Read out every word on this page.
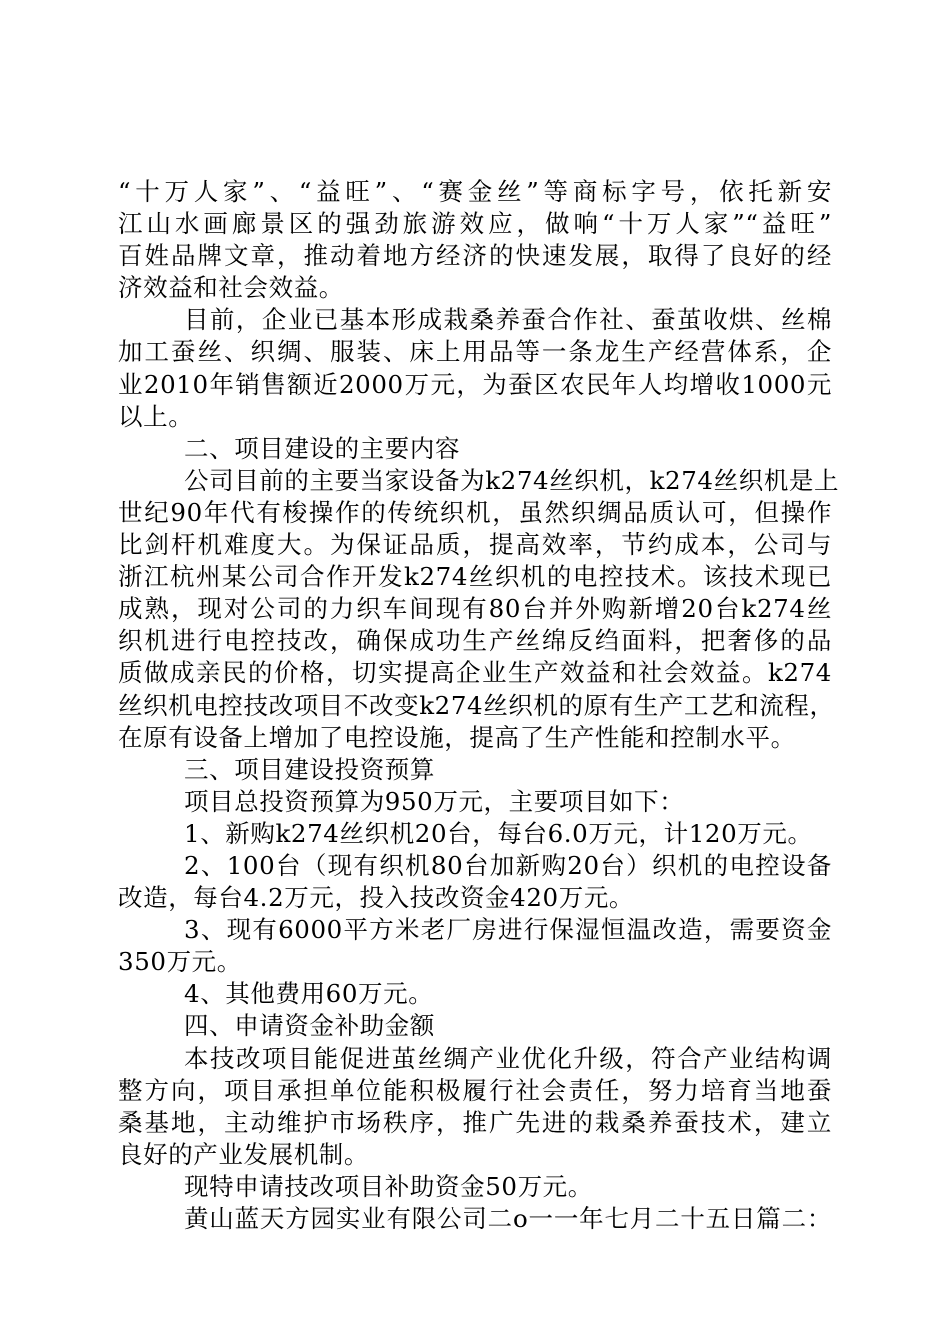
“十万人家”、“益旺”、“赛金丝”等商标字号，依托新安
江山水画廊景区的强劲旅游效应，做响“十万人家”“益旺”
百姓品牌文章，推动着地方经济的快速发展，取得了良好的经
济效益和社会效益。
目前，企业已基本形成栽桑养蚕合作社、蚕茧收烘、丝棉
加工蚕丝、织绸、服装、床上用品等一条龙生产经营体系，企
业2010年销售额近2000万元，为蚕区农民年人均增收1000元
以上。
二、项目建设的主要内容
公司目前的主要当家设备为k274丝织机，k274丝织机是上
世纪90年代有梭操作的传统织机，虽然织绸品质认可，但操作
比剑杆机难度大。为保证品质，提高效率，节约成本，公司与
浙江杭州某公司合作开发k274丝织机的电控技术。该技术现已
成熟，现对公司的力织车间现有80台并外购新增20台k274丝
织机进行电控技改，确保成功生产丝绵反绉面料，把奢侈的品
质做成亲民的价格，切实提高企业生产效益和社会效益。k274
丝织机电控技改项目不改变k274丝织机的原有生产工艺和流程，
在原有设备上增加了电控设施，提高了生产性能和控制水平。
三、项目建设投资预算
项目总投资预算为950万元，主要项目如下：
1、新购k274丝织机20台，每台6.0万元，计120万元。
2、100台（现有织机80台加新购20台）织机的电控设备
改造，每台4.2万元，投入技改资金420万元。
3、现有6000平方米老厂房进行保湿恒温改造，需要资金
350万元。
4、其他费用60万元。
四、申请资金补助金额
本技改项目能促进茧丝绸产业优化升级，符合产业结构调
整方向，项目承担单位能积极履行社会责任，努力培育当地蚕
桑基地，主动维护市场秩序，推广先进的栽桑养蚕技术，建立
良好的产业发展机制。
现特申请技改项目补助资金50万元。
黄山蓝天方园实业有限公司二o一一年七月二十五日篇二：
